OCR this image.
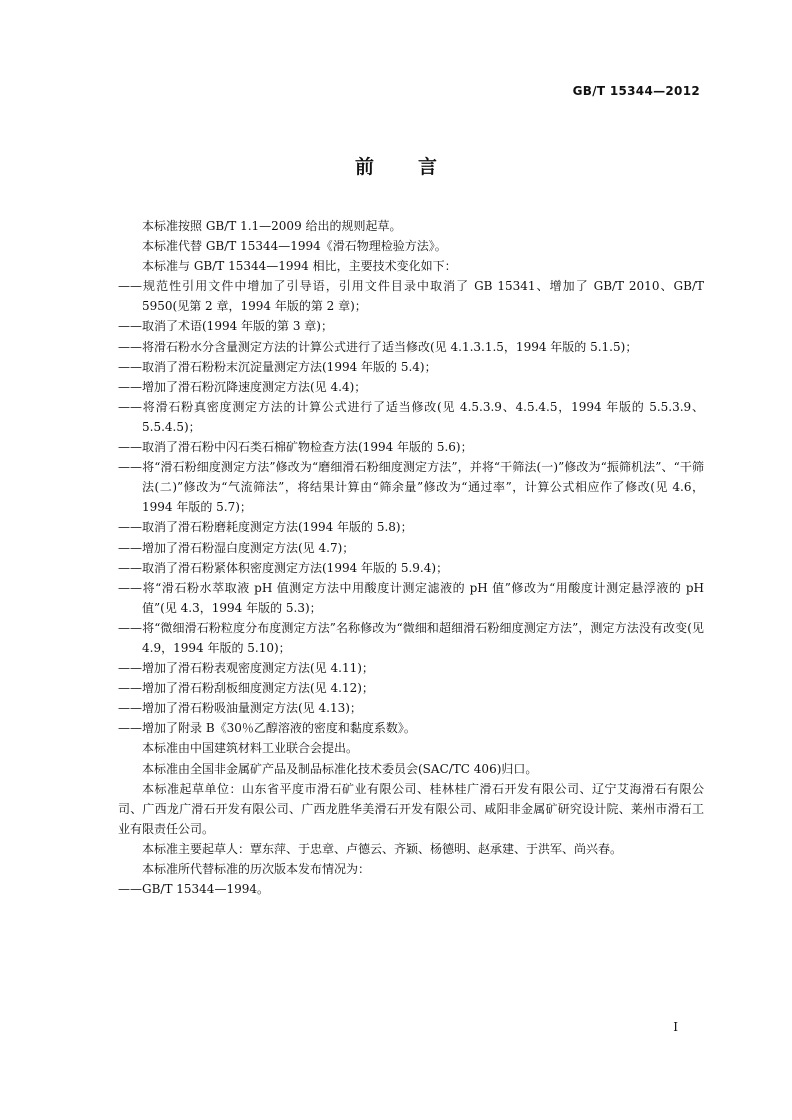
GB/T 15344—2012
前言

本标准按照 GB/T 1.1—2009 给出的规则起草。

本标准代替 GB/T 15344—1994《滑石物理检验方法》。

本标准与 GB/T 15344—1994 相比，主要技术变化如下：

——规范性引用文件中增加了引导语，引用文件目录中取消了 GB 15341、增加了 GB/T 2010、GB/T 5950(见第 2 章，1994 年版的第 2 章)；

——取消了术语(1994 年版的第 3 章)；

——将滑石粉水分含量测定方法的计算公式进行了适当修改(见 4.1.3.1.5，1994 年版的 5.1.5)；

——取消了滑石粉粉末沉淀量测定方法(1994 年版的 5.4)；

——增加了滑石粉沉降速度测定方法(见 4.4)；

——将滑石粉真密度测定方法的计算公式进行了适当修改(见 4.5.3.9、4.5.4.5，1994 年版的 5.5.3.9、5.5.4.5)；

——取消了滑石粉中闪石类石棉矿物检查方法(1994 年版的 5.6)；

——将“滑石粉细度测定方法”修改为“磨细滑石粉细度测定方法”，并将“干筛法(一)”修改为“振筛机法”、“干筛法(二)”修改为“气流筛法”，将结果计算由“筛余量”修改为“通过率”，计算公式相应作了修改(见 4.6，1994 年版的 5.7)；

——取消了滑石粉磨耗度测定方法(1994 年版的 5.8)；

——增加了滑石粉湿白度测定方法(见 4.7)；

——取消了滑石粉紧体积密度测定方法(1994 年版的 5.9.4)；

——将“滑石粉水萃取液 pH 值测定方法中用酸度计测定滤液的 pH 值”修改为“用酸度计测定悬浮液的 pH 值”(见 4.3，1994 年版的 5.3)；

——将“微细滑石粉粒度分布度测定方法”名称修改为“微细和超细滑石粉细度测定方法”，测定方法没有改变(见 4.9，1994 年版的 5.10)；

——增加了滑石粉表观密度测定方法(见 4.11)；

——增加了滑石粉刮板细度测定方法(见 4.12)；

——增加了滑石粉吸油量测定方法(见 4.13)；

——增加了附录 B《30％乙醇溶液的密度和黏度系数》。

本标准由中国建筑材料工业联合会提出。

本标准由全国非金属矿产品及制品标准化技术委员会(SAC/TC 406)归口。

本标准起草单位：山东省平度市滑石矿业有限公司、桂林桂广滑石开发有限公司、辽宁艾海滑石有限公司、广西龙广滑石开发有限公司、广西龙胜华美滑石开发有限公司、咸阳非金属矿研究设计院、莱州市滑石工业有限责任公司。

本标准主要起草人：覃东萍、于忠章、卢德云、齐颖、杨德明、赵承建、于洪军、尚兴春。

本标准所代替标准的历次版本发布情况为：

——GB/T 15344—1994。

I
